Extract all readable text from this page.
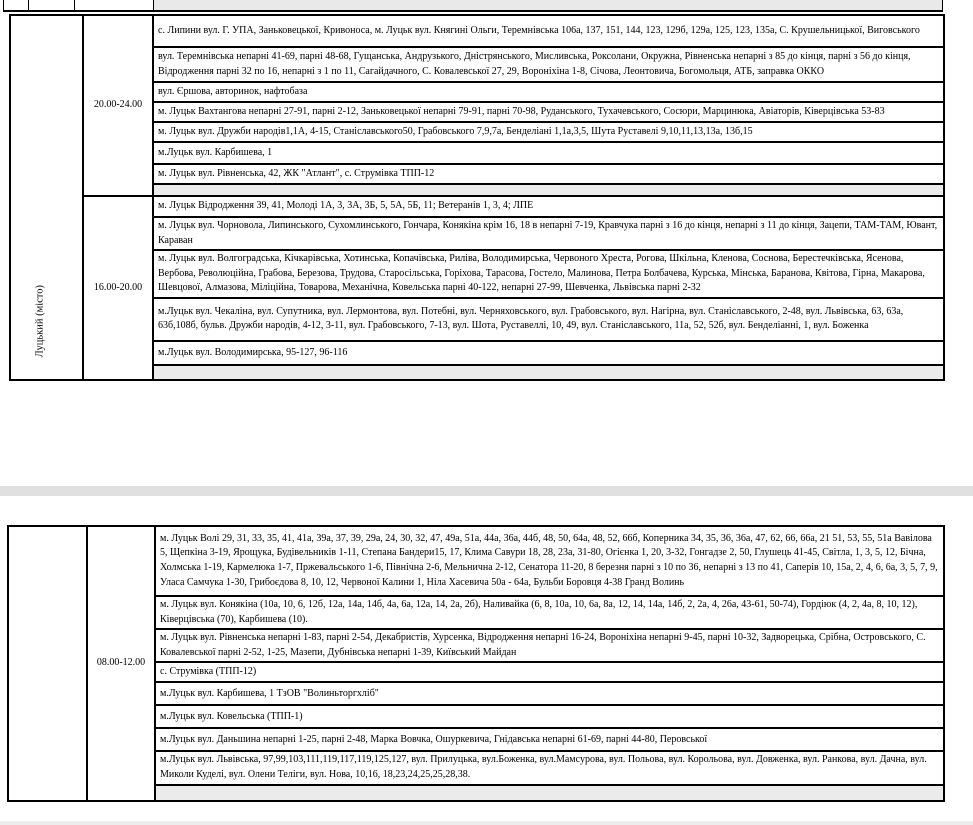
Луцький (місто)	20.00-24.00	с. Липини вул. Г. УПА, Заньковецької, Кривоноса, м. Луцьк вул. Княгині Ольги, Теремнівська 106а, 137, 151, 144, 123, 129б, 129а, 125, 123, 135а, С. Крушельницької, Виговського
		вул. Теремнівська непарні 41-69, парні 48-68, Гущанська, Андрузького, Дністрянського, Мисливська, Роксолани, Окружна, Рівненська непарні з 85 до кінця, парні з 56 до кінця, Відродження парні 32 по 16, непарні з 1 по 11, Сагайдачного, С. Ковалевської 27, 29, Вороніхіна 1-8, Січова, Леонтовича, Богомольця, АТБ, заправка ОККО
		вул. Єршова, авторинок, нафтобаза
		м. Луцьк Вахтангова непарні 27-91, парні 2-12, Заньковецької непарні 79-91, парні 70-98, Руданського, Тухачевського, Сосюри, Марцинюка, Авіаторів, Ківерцівська 53-83
		м. Луцьк вул. Дружби народів1,1А, 4-15, Станіславського50, Грабовського 7,9,7а, Бенделіані 1,1а,3,5, Шута Руставелі 9,10,11,13,13а, 13б,15
		м.Луцьк вул. Карбишева, 1
		м. Луцьк вул. Рівненська, 42, ЖК "Атлант", с. Струмівка ТПП-12

	16.00-20.00	м. Луцьк Відродження 39, 41, Молоді 1А, 3, 3А, 3Б, 5, 5А, 5Б, 11; Ветеранів 1, 3, 4; ЛПЕ
		м. Луцьк вул. Чорновола, Липинського, Сухомлинського, Гончара, Конякіна крім 16, 18 в непарні 7-19, Кравчука парні з 16 до кінця, непарні з 11 до кінця, Зацепи, ТАМ-ТАМ, Ювант, Караван
		м. Луцьк вул. Волгоградська, Кічкарівська, Хотинська, Копачівська, Риліва, Володимирська, Червоного Хреста, Рогова, Шкільна, Кленова, Соснова, Берестечківська, Ясенова, Вербова, Революційна, Грабова, Березова, Трудова, Старосільська, Горіхова, Тарасова, Гостело, Малинова, Петра Болбачева, Курська, Мінська, Баранова, Квітова, Гірна, Макарова, Шевцової, Алмазова, Міліційна, Товарова, Механічна, Ковельська парні 40-122, непарні 27-99, Шевченка, Львівська парні 2-32
		м.Луцьк вул. Чекаліна, вул. Супутника, вул. Лермонтова, вул. Потебні, вул. Черняховського, вул. Грабовського, вул. Нагірна, вул. Станіславського, 2-48, вул. Львівська, 63, 63а, 63б,108б, бульв. Дружби народів, 4-12, 3-11, вул. Грабовського, 7-13, вул. Шота, Руставеллі, 10, 49, вул. Станіславського, 11а, 52, 52б, вул. Бенделіанні, 1, вул. Боженка
		м.Луцьк вул. Володимирська, 95-127, 96-116

	08.00-12.00	м. Луцьк Волі 29, 31, 33, 35, 41, 41а, 39а, 37, 39, 29а, 24, 30, 32, 47, 49а, 51а, 44а, 36а, 44б, 48, 50, 64а, 48, 52, 66б, Коперника 34, 35, 36, 36а, 47, 62, 66, 66а, 21 51, 53, 55, 51а Вавілова 5, Щепкіна 3-19, Ярощука, Будівельників 1-11, Степана Бандери15, 17, Клима Савури 18, 28, 23а, 31-80, Огієнка 1, 20, 3-32, Гонгадзе 2, 50, Глушець 41-45, Світла, 1, 3, 5, 12, Бічна, Холмська 1-19, Кармелюка 1-7, Пржевальського 1-6, Північна 2-6, Мельнична 2-12, Сенатора 11-20, 8 березня парні з 10 по 36, непарні з 13 по 41, Саперів 10, 15а, 2, 4, 6, 6а, 3, 5, 7, 9, Уласа Самчука 1-30, Грибоєдова 8, 10, 12, Червоної Калини 1, Ніла Хасевича 50а - 64а, Бульби Боровця 4-38 Гранд Волинь
м. Луцьк вул. Конякіна (10а, 10, 6, 12б, 12а, 14а, 14б, 4а, 6а, 12а, 14, 2а, 2б), Наливайка (6, 8, 10а, 10, 6а, 8а, 12, 14, 14а, 14б, 2, 2а, 4, 26а, 43-61, 50-74), Гордіюк (4, 2, 4а, 8, 10, 12), Ківерцівська (70), Карбишева (10).
м. Луцьк вул. Рівненська непарні 1-83, парні 2-54, Декабристів, Хурсенка, Відродження непарні 16-24, Вороніхіна непарні 9-45, парні 10-32, Задворецька, Срібна, Островського, С. Ковалевської парні 2-52, 1-25, Мазепи, Дубнівська непарні 1-39, Київський Майдан
с. Струмівка (ТПП-12)
м.Луцьк вул. Карбишева, 1 ТзОВ "Волиньторгхліб"
м.Луцьк вул. Ковельська (ТПП-1)
м.Луцьк вул. Даньшина непарні 1-25, парні 2-48, Марка Вовчка, Ошуркевича, Гнідавська непарні 61-69, парні 44-80, Перовської
м.Луцьк вул. Львівська, 97,99,103,111,119,117,119,125,127, вул. Прилуцька, вул.Боженка, вул.Мамсурова, вул. Польова, вул. Корольова, вул. Довженка, вул. Ранкова, вул. Дачна, вул. Миколи Куделі, вул. Олени Теліги, вул. Нова, 10,16, 18,23,24,25,25,28,38.
